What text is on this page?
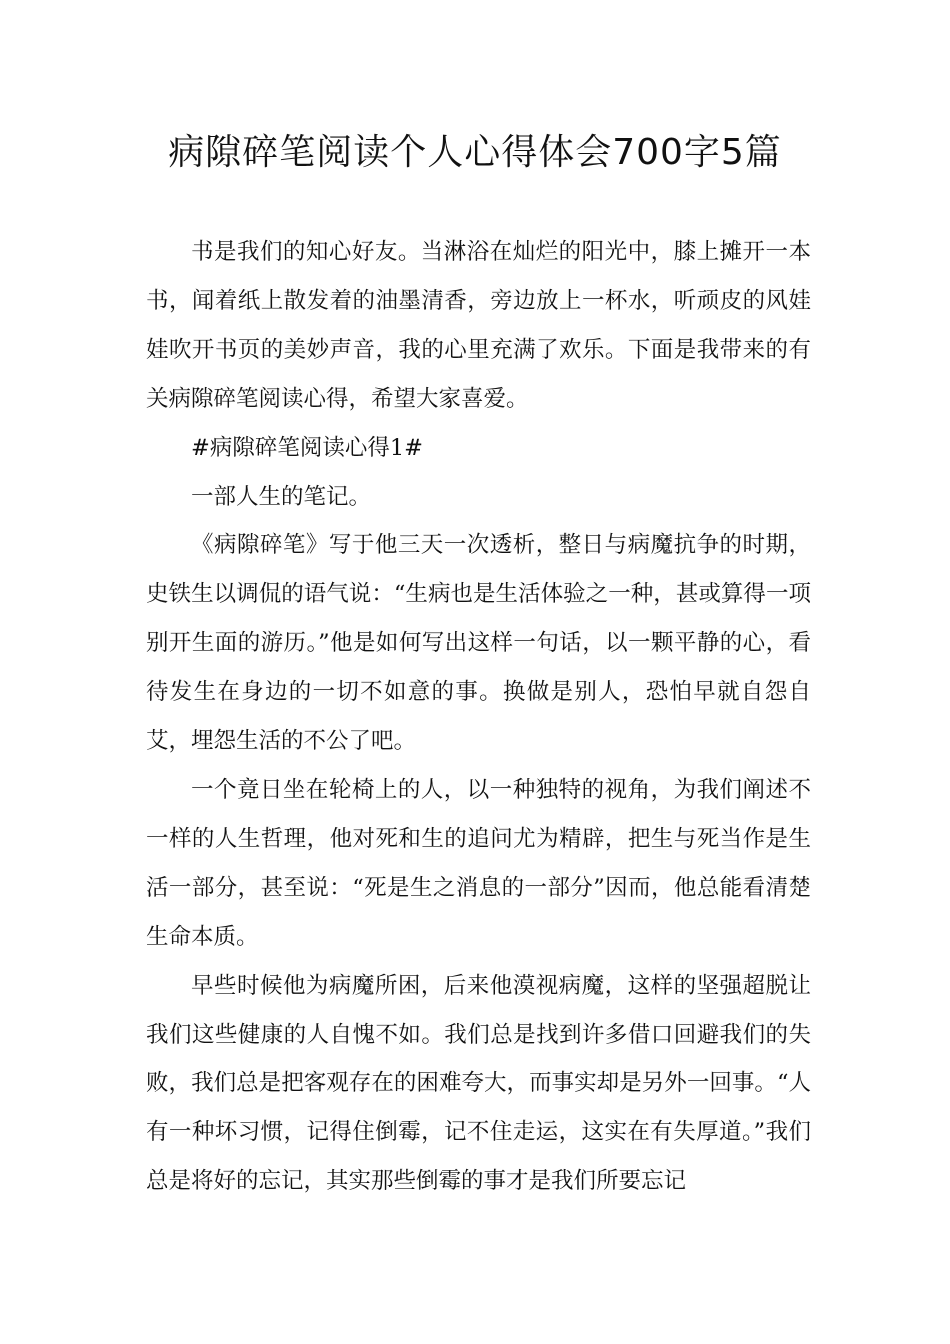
病隙碎笔阅读个人心得体会700字5篇

书是我们的知心好友。当淋浴在灿烂的阳光中，膝上摊开一本书，闻着纸上散发着的油墨清香，旁边放上一杯水，听顽皮的风娃娃吹开书页的美妙声音，我的心里充满了欢乐。下面是我带来的有关病隙碎笔阅读心得，希望大家喜爱。

#病隙碎笔阅读心得1#

一部人生的笔记。

《病隙碎笔》写于他三天一次透析，整日与病魔抗争的时期，史铁生以调侃的语气说：“生病也是生活体验之一种，甚或算得一项别开生面的游历。”他是如何写出这样一句话，以一颗平静的心，看待发生在身边的一切不如意的事。换做是别人，恐怕早就自怨自艾，埋怨生活的不公了吧。

一个竟日坐在轮椅上的人，以一种独特的视角，为我们阐述不一样的人生哲理，他对死和生的追问尤为精辟，把生与死当作是生活一部分，甚至说：“死是生之消息的一部分”因而，他总能看清楚生命本质。

早些时候他为病魔所困，后来他漠视病魔，这样的坚强超脱让我们这些健康的人自愧不如。我们总是找到许多借口回避我们的失败，我们总是把客观存在的困难夸大，而事实却是另外一回事。“人有一种坏习惯，记得住倒霉，记不住走运，这实在有失厚道。”我们总是将好的忘记，其实那些倒霉的事才是我们所要忘记
